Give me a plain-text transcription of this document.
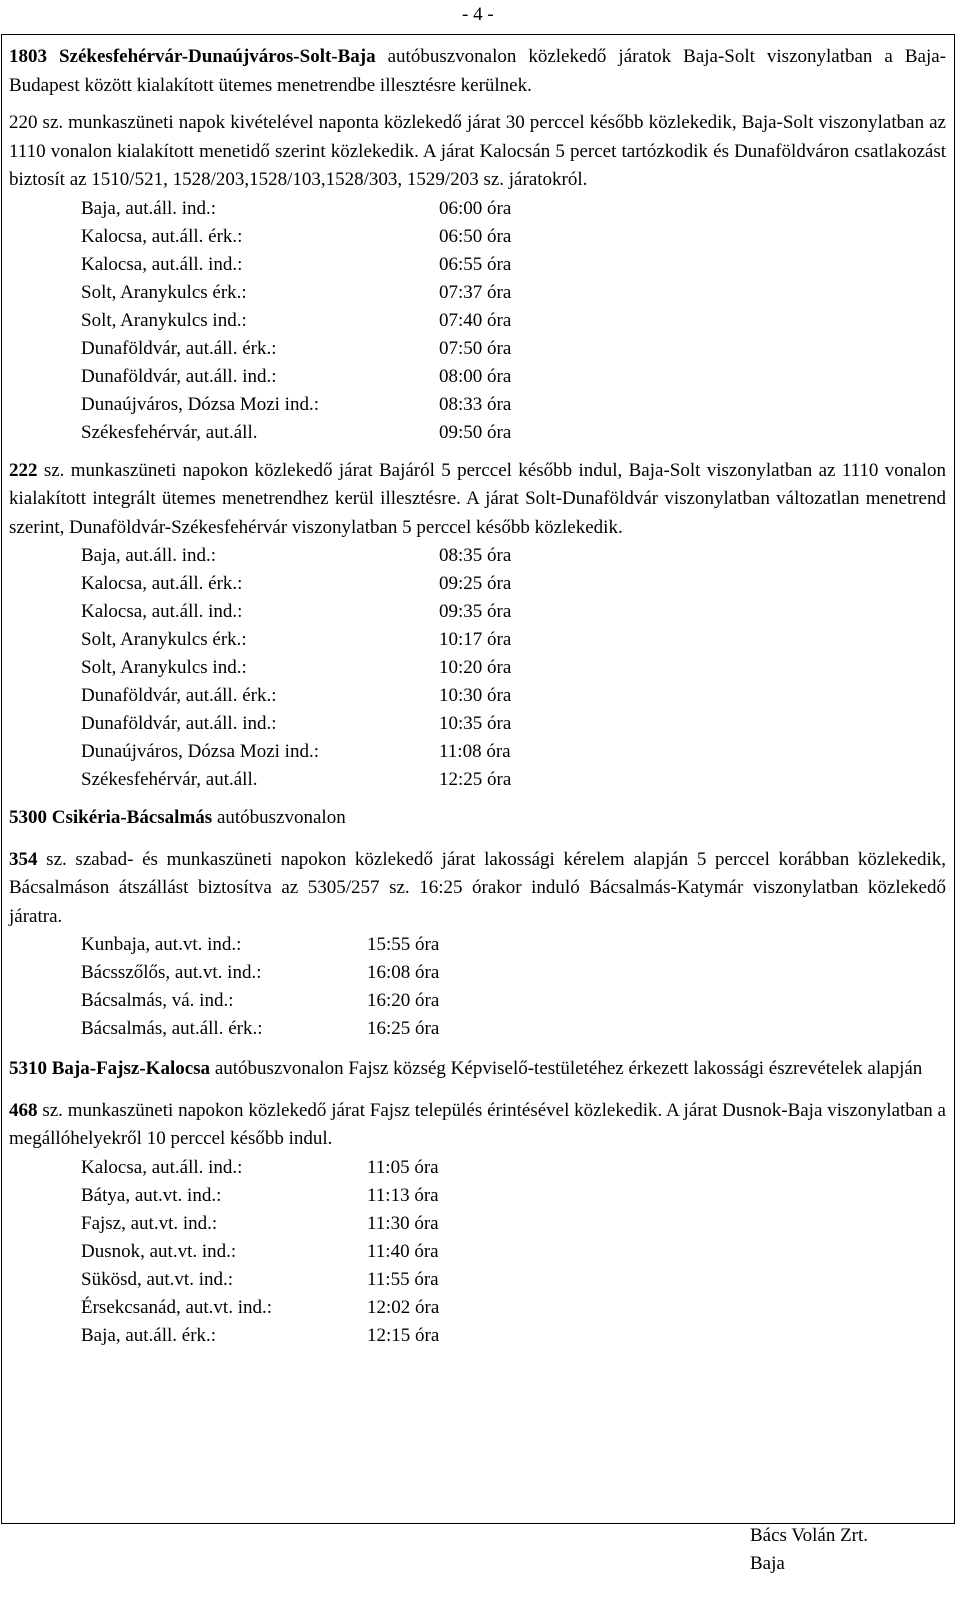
- 4 -

1803 Székesfehérvár-Dunaújváros-Solt-Baja autóbuszvonalon közlekedő járatok Baja-Solt viszonylatban a Baja-Budapest között kialakított ütemes menetrendbe illesztésre kerülnek.

220 sz. munkaszüneti napok kivételével naponta közlekedő járat 30 perccel később közlekedik, Baja-Solt viszonylatban az 1110 vonalon kialakított menetidő szerint közlekedik. A járat Kalocsán 5 percet tartózkodik és Dunaföldváron csatlakozást biztosít az 1510/521, 1528/203,1528/103,1528/303, 1529/203 sz. járatokról.

Baja, aut.áll. ind.:	06:00 óra
Kalocsa, aut.áll. érk.:	06:50 óra
Kalocsa, aut.áll. ind.:	06:55 óra
Solt, Aranykulcs érk.:	07:37 óra
Solt, Aranykulcs ind.:	07:40 óra
Dunaföldvár, aut.áll. érk.:	07:50 óra
Dunaföldvár, aut.áll. ind.:	08:00 óra
Dunaújváros, Dózsa Mozi ind.:	08:33 óra
Székesfehérvár, aut.áll.	09:50 óra

222 sz. munkaszüneti napokon közlekedő járat Bajáról 5 perccel később indul, Baja-Solt viszonylatban az 1110 vonalon kialakított integrált ütemes menetrendhez kerül illesztésre. A járat Solt-Dunaföldvár viszonylatban változatlan menetrend szerint, Dunaföldvár-Székesfehérvár viszonylatban 5 perccel később közlekedik.

Baja, aut.áll. ind.:	08:35 óra
Kalocsa, aut.áll. érk.:	09:25 óra
Kalocsa, aut.áll. ind.:	09:35 óra
Solt, Aranykulcs érk.:	10:17 óra
Solt, Aranykulcs ind.:	10:20 óra
Dunaföldvár, aut.áll. érk.:	10:30 óra
Dunaföldvár, aut.áll. ind.:	10:35 óra
Dunaújváros, Dózsa Mozi ind.:	11:08 óra
Székesfehérvár, aut.áll.	12:25 óra

5300 Csikéria-Bácsalmás autóbuszvonalon

354 sz. szabad- és munkaszüneti napokon közlekedő járat lakossági kérelem alapján 5 perccel korábban közlekedik, Bácsalmáson átszállást biztosítva az 5305/257 sz. 16:25 órakor induló Bácsalmás-Katymár viszonylatban közlekedő járatra.

Kunbaja, aut.vt. ind.:	15:55 óra
Bácsszőlős, aut.vt. ind.:	16:08 óra
Bácsalmás, vá. ind.:	16:20 óra
Bácsalmás, aut.áll. érk.:	16:25 óra

5310 Baja-Fajsz-Kalocsa autóbuszvonalon Fajsz község Képviselő-testületéhez érkezett lakossági észrevételek alapján

468 sz. munkaszüneti napokon közlekedő járat Fajsz település érintésével közlekedik. A járat Dusnok-Baja viszonylatban a megállóhelyekről 10 perccel később indul.

Kalocsa, aut.áll. ind.:	11:05 óra
Bátya, aut.vt. ind.:	11:13 óra
Fajsz, aut.vt. ind.:	11:30 óra
Dusnok, aut.vt. ind.:	11:40 óra
Sükösd, aut.vt. ind.:	11:55 óra
Érsekcsanád, aut.vt. ind.:	12:02 óra
Baja, aut.áll. érk.:	12:15 óra
Bács Volán Zrt.
Baja
